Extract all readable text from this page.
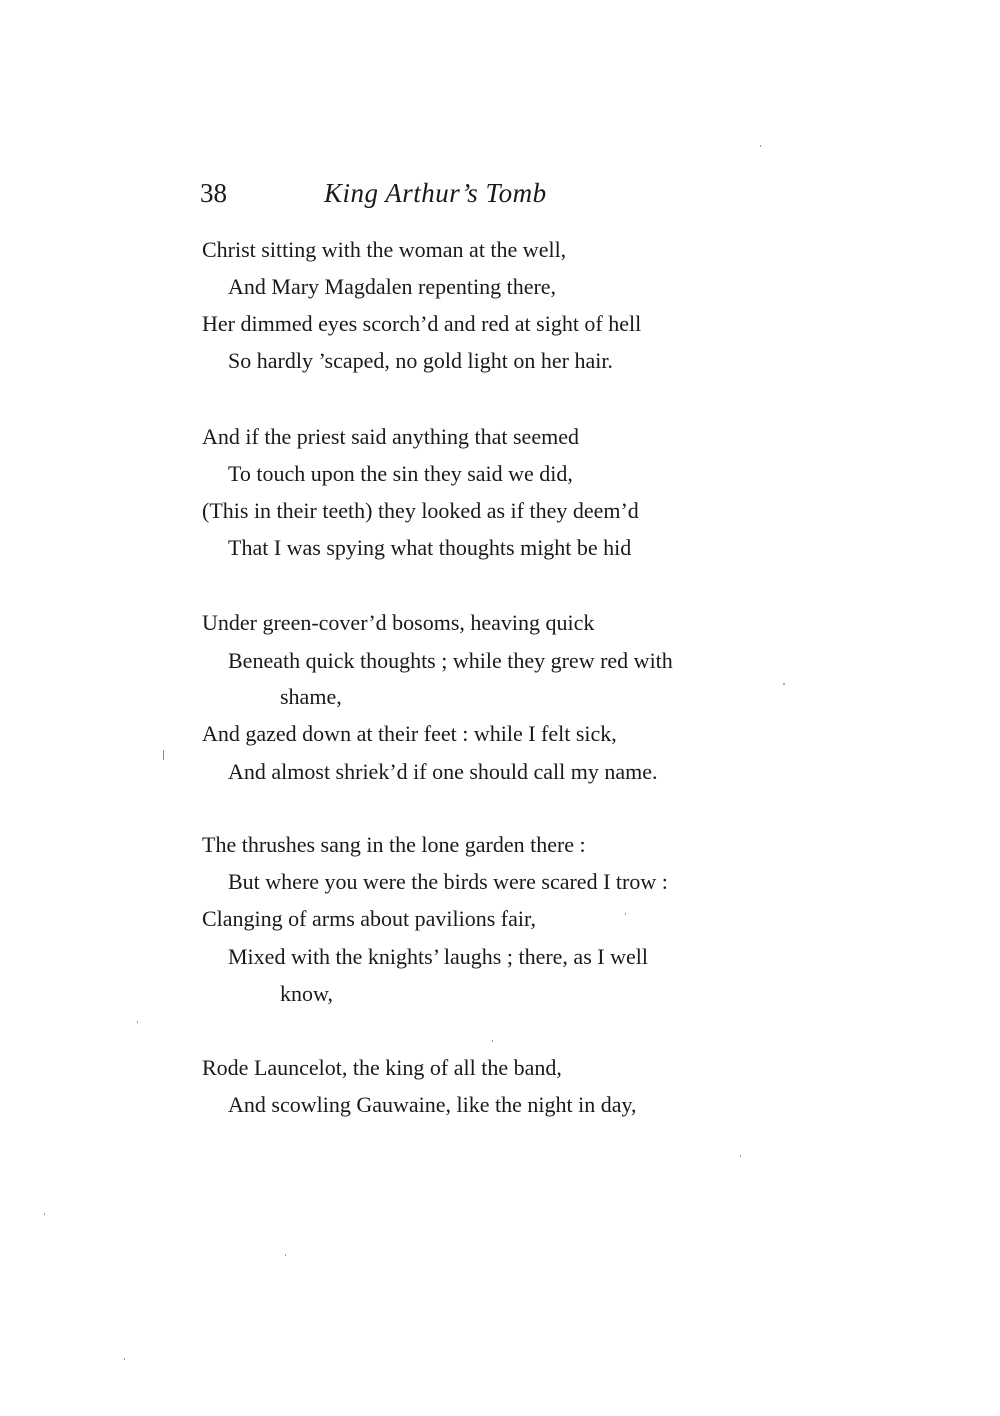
38	King Arthur’s Tomb
Christ sitting with the woman at the well,
And Mary Magdalen repenting there,
Her dimmed eyes scorch’d and red at sight of hell
So hardly ’scaped, no gold light on her hair.
And if the priest said anything that seemed
To touch upon the sin they said we did,
(This in their teeth) they looked as if they deem’d
That I was spying what thoughts might be hid
Under green-cover’d bosoms, heaving quick
Beneath quick thoughts ; while they grew red with
shame,
And gazed down at their feet : while I felt sick,
And almost shriek’d if one should call my name.
The thrushes sang in the lone garden there :
But where you were the birds were scared I trow :
Clanging of arms about pavilions fair,
Mixed with the knights’ laughs ; there, as I well
know,
Rode Launcelot, the king of all the band,
And scowling Gauwaine, like the night in day,
